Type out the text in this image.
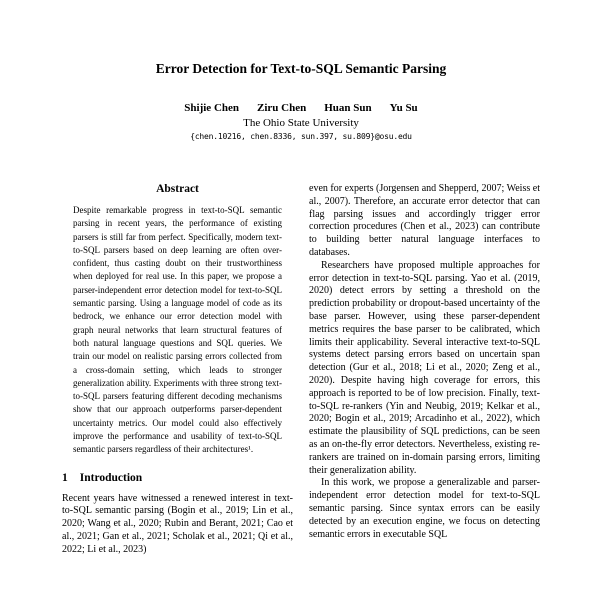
Error Detection for Text-to-SQL Semantic Parsing
Shijie Chen Ziru Chen Huan Sun Yu Su
The Ohio State University
{chen.10216, chen.8336, sun.397, su.809}@osu.edu
Abstract

Despite remarkable progress in text-to-SQL semantic parsing in recent years, the performance of existing parsers is still far from perfect. Specifically, modern text-to-SQL parsers based on deep learning are often over-confident, thus casting doubt on their trustworthiness when deployed for real use. In this paper, we propose a parser-independent error detection model for text-to-SQL semantic parsing. Using a language model of code as its bedrock, we enhance our error detection model with graph neural networks that learn structural features of both natural language questions and SQL queries. We train our model on realistic parsing errors collected from a cross-domain setting, which leads to stronger generalization ability. Experiments with three strong text-to-SQL parsers featuring different decoding mechanisms show that our approach outperforms parser-dependent uncertainty metrics. Our model could also effectively improve the performance and usability of text-to-SQL semantic parsers regardless of their architectures¹.

1 Introduction

Recent years have witnessed a renewed interest in text-to-SQL semantic parsing (Bogin et al., 2019; Lin et al., 2020; Wang et al., 2020; Rubin and Berant, 2021; Cao et al., 2021; Gan et al., 2021; Scholak et al., 2021; Qi et al., 2022; Li et al., 2023)

even for experts (Jorgensen and Shepperd, 2007; Weiss et al., 2007). Therefore, an accurate error detector that can flag parsing issues and accordingly trigger error correction procedures (Chen et al., 2023) can contribute to building better natural language interfaces to databases.

Researchers have proposed multiple approaches for error detection in text-to-SQL parsing. Yao et al. (2019, 2020) detect errors by setting a threshold on the prediction probability or dropout-based uncertainty of the base parser. However, using these parser-dependent metrics requires the base parser to be calibrated, which limits their applicability. Several interactive text-to-SQL systems detect parsing errors based on uncertain span detection (Gur et al., 2018; Li et al., 2020; Zeng et al., 2020). Despite having high coverage for errors, this approach is reported to be of low precision. Finally, text-to-SQL re-rankers (Yin and Neubig, 2019; Kelkar et al., 2020; Bogin et al., 2019; Arcadinho et al., 2022), which estimate the plausibility of SQL predictions, can be seen as an on-the-fly error detectors. Nevertheless, existing re-rankers are trained on in-domain parsing errors, limiting their generalization ability.

In this work, we propose a generalizable and parser-independent error detection model for text-to-SQL semantic parsing. Since syntax errors can be easily detected by an execution engine, we focus on detecting semantic errors in executable SQL
